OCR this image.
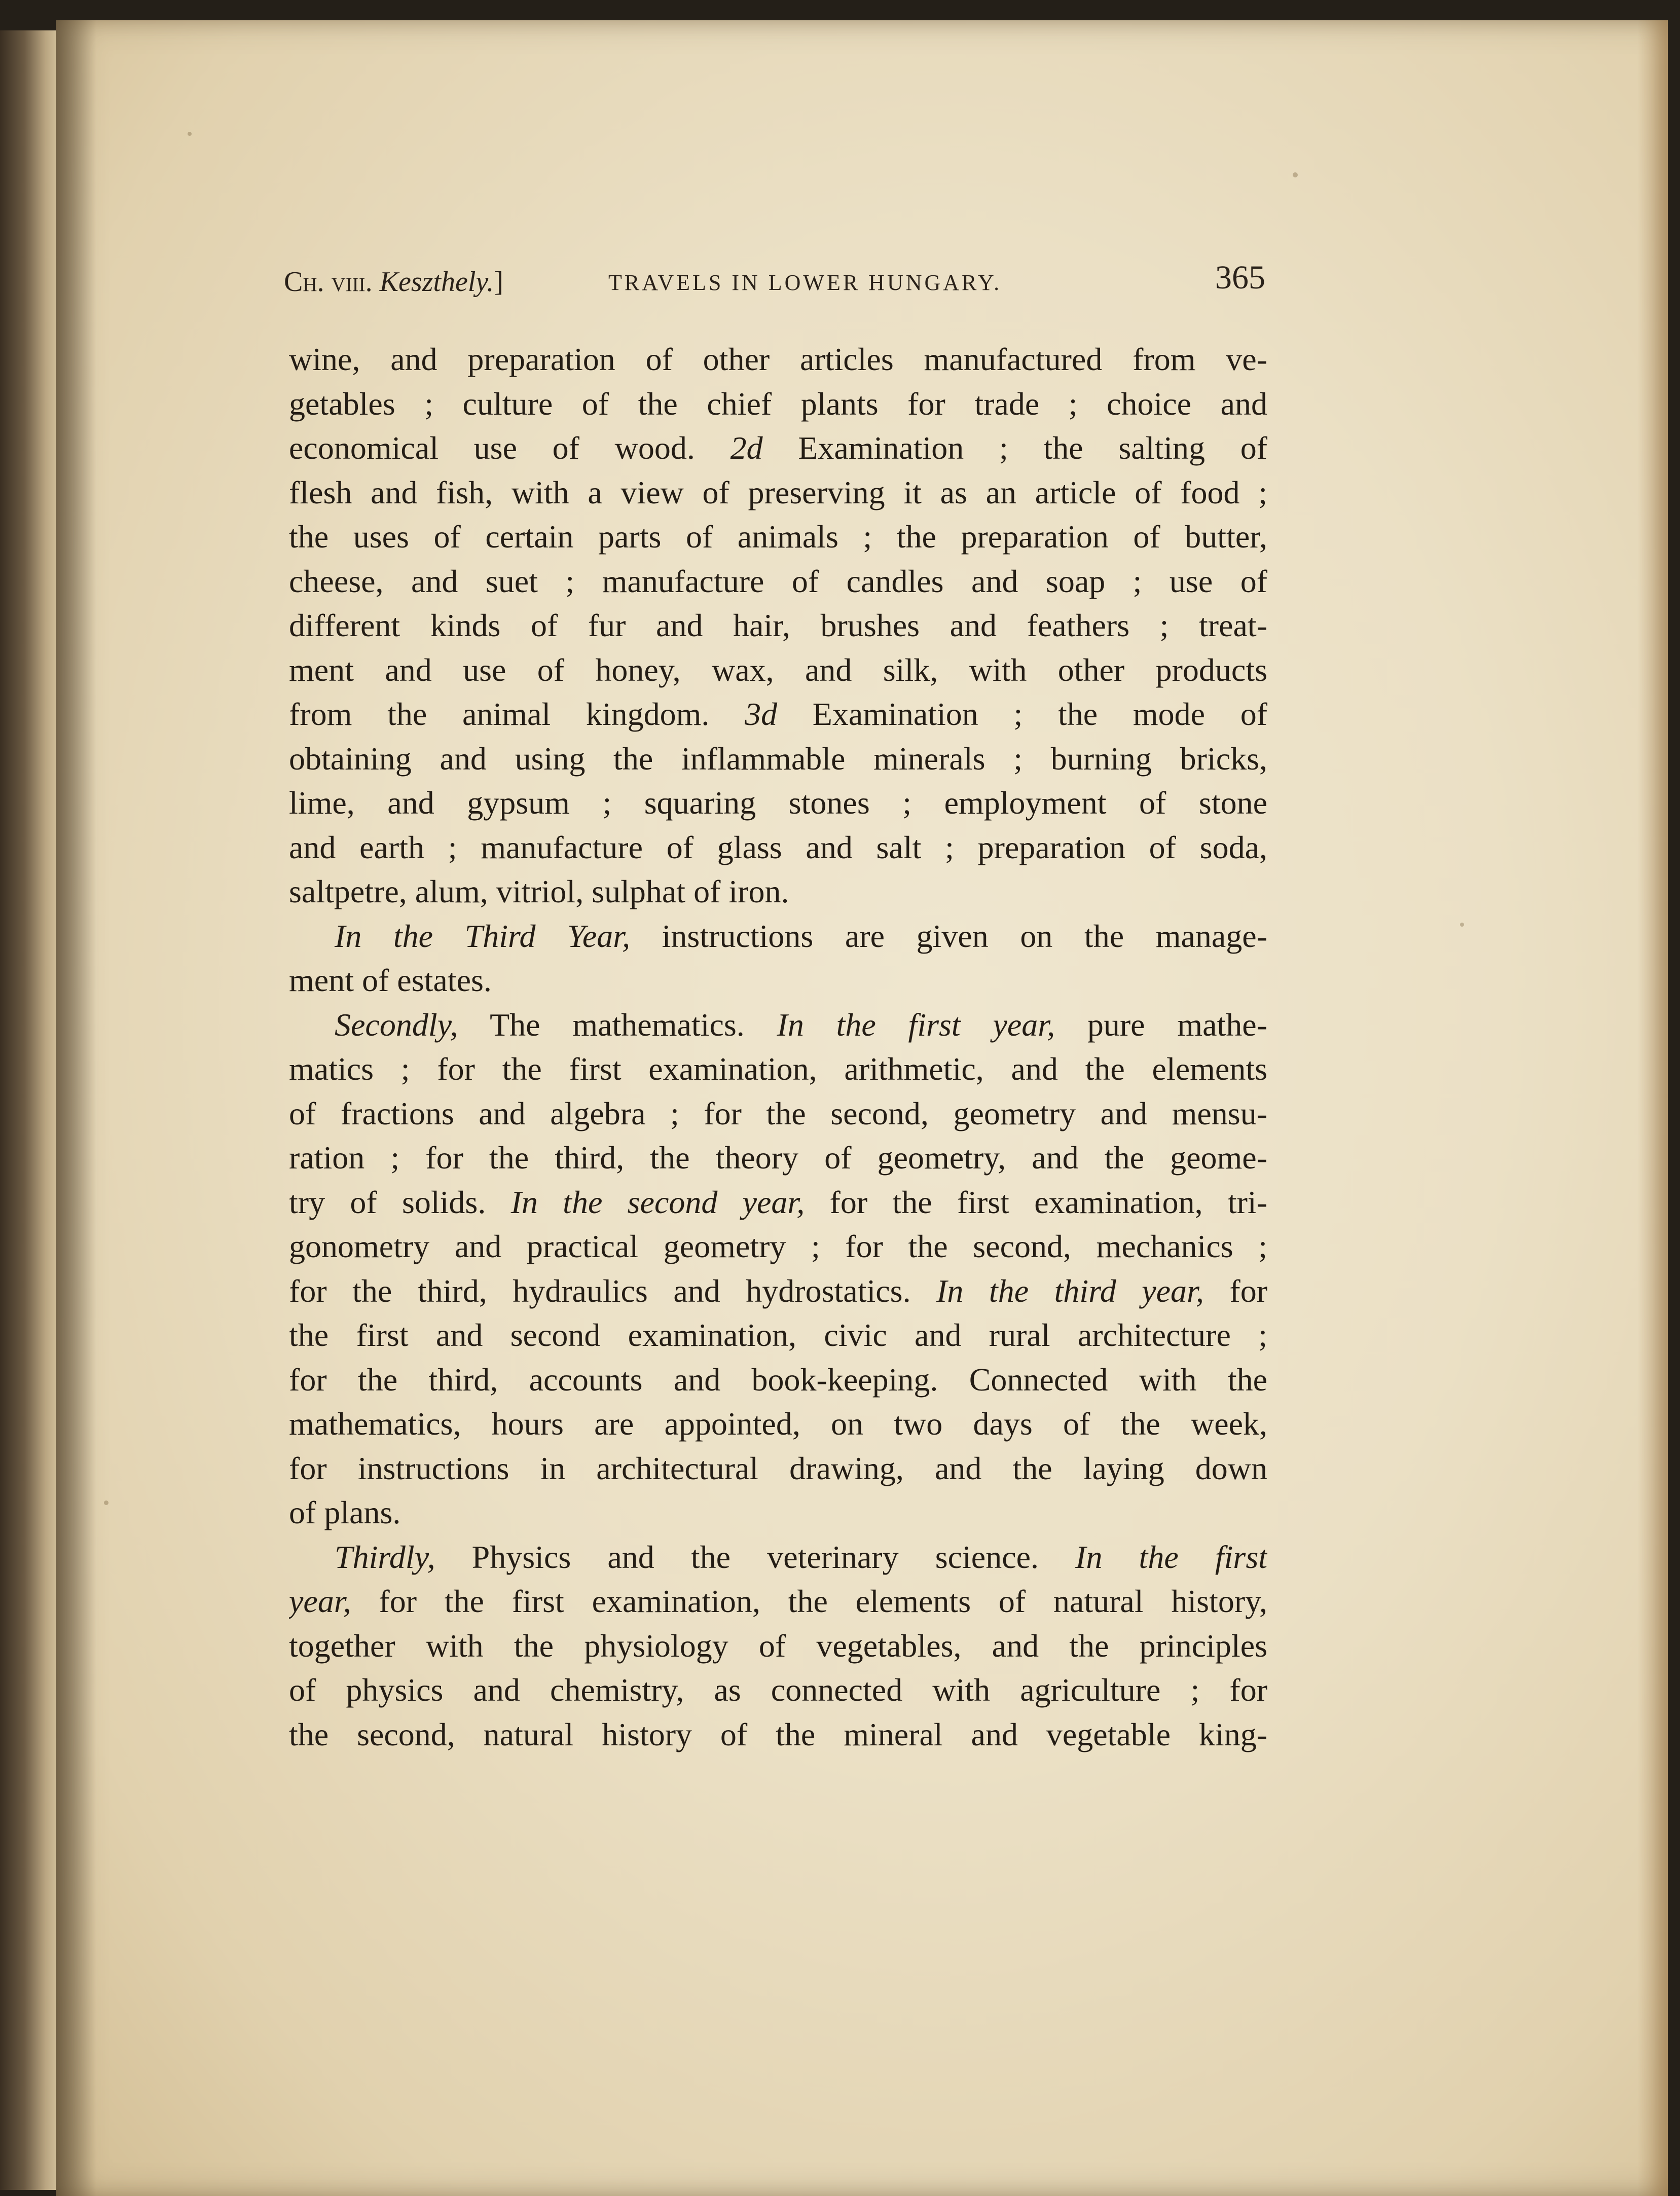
Ch. viii. Keszthely.]	TRAVELS IN LOWER HUNGARY.	365
wine, and preparation of other articles manufactured from ve-
getables ; culture of the chief plants for trade ; choice and
economical use of wood. 2d Examination ; the salting of
flesh and fish, with a view of preserving it as an article of food ;
the uses of certain parts of animals ; the preparation of butter,
cheese, and suet ; manufacture of candles and soap ; use of
different kinds of fur and hair, brushes and feathers ; treat-
ment and use of honey, wax, and silk, with other products
from the animal kingdom. 3d Examination ; the mode of
obtaining and using the inflammable minerals ; burning bricks,
lime, and gypsum ; squaring stones ; employment of stone
and earth ; manufacture of glass and salt ; preparation of soda,
saltpetre, alum, vitriol, sulphat of iron.
In the Third Year, instructions are given on the manage-
ment of estates.
Secondly, The mathematics. In the first year, pure mathe-
matics ; for the first examination, arithmetic, and the elements
of fractions and algebra ; for the second, geometry and mensu-
ration ; for the third, the theory of geometry, and the geome-
try of solids. In the second year, for the first examination, tri-
gonometry and practical geometry ; for the second, mechanics ;
for the third, hydraulics and hydrostatics. In the third year, for
the first and second examination, civic and rural architecture ;
for the third, accounts and book-keeping. Connected with the
mathematics, hours are appointed, on two days of the week,
for instructions in architectural drawing, and the laying down
of plans.
Thirdly, Physics and the veterinary science. In the first
year, for the first examination, the elements of natural history,
together with the physiology of vegetables, and the principles
of physics and chemistry, as connected with agriculture ; for
the second, natural history of the mineral and vegetable king-
